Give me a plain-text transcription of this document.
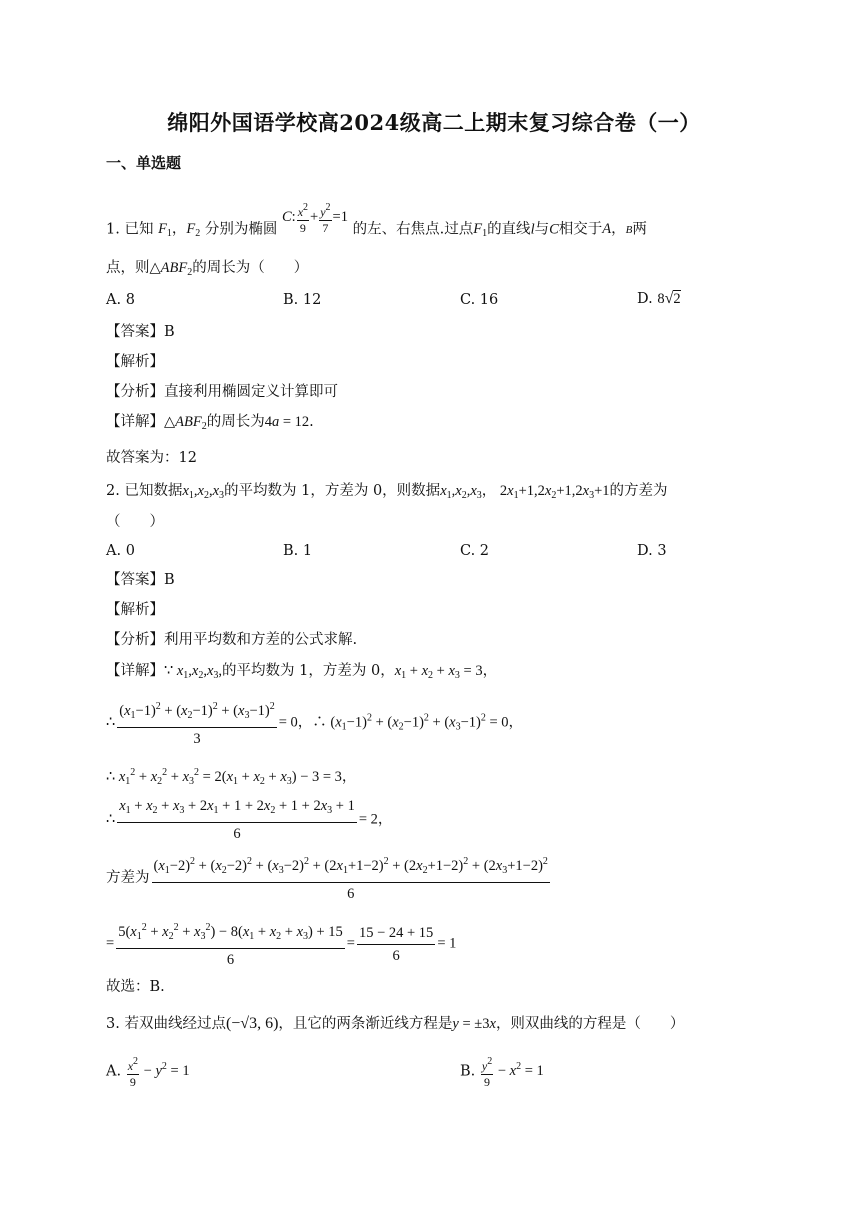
绵阳外国语学校高2024级高二上期末复习综合卷（一）
一、单选题
1. 已知 $F_1$，$F_2$ 分别为椭圆 C: $\frac{x^2}{9} + \frac{y^2}{7} =1$ 的左、右焦点.过点$F_1$的直线l与C相交于A，B两
点，则$\triangle ABF_2$的周长为（　　）
A. 8	B. 12	C. 16	D. 8√2
【答案】B
【解析】
【分析】直接利用椭圆定义计算即可
【详解】$\triangle ABF_2$的周长为4a = 12.
故答案为：12
2. 已知数据$x_1,x_2,x_3$的平均数为 1，方差为 0，则数据$x_1,x_2,x_3$， $2x_1+1,2x_2+1,2x_3+1$的方差为
（　　）
A. 0	B. 1	C. 2	D. 3
【答案】B
【解析】
【分析】利用平均数和方差的公式求解.
【详解】∵ $x_1,x_2,x_3$,的平均数为 1，方差为 0，$x_1 + x_2 + x_3 = 3$，
∴ $\frac{(x_1-1)^2 + (x_2-1)^2 + (x_3-1)^2}{3} = 0$，∴ $(x_1-1)^2 + (x_2-1)^2 + (x_3-1)^2 = 0$，
∴ $x_1^2 + x_2^2 + x_3^2 = 2(x_1 + x_2 + x_3) - 3 = 3$，
∴ $\frac{x_1 + x_2 + x_3 + 2x_1 + 1 + 2x_2 + 1 + 2x_3 + 1}{6} = 2$，
方差为
$(x_1-2)^2 + (x_2-2)^2 + (x_3-2)^2 + (2x_1+1-2)^2 + (2x_2+1-2)^2 + (2x_3+1-2)^2$
6
= $\frac{5(x_1^2 + x_2^2 + x_3^2) - 8(x_1 + x_2 + x_3) + 15}{6} = \frac{15 - 24 + 15}{6} = 1$
故选：B.
3. 若双曲线经过点(−√3, 6)，且它的两条渐近线方程是y = ±3x，则双曲线的方程是（　　）
A. $\frac{x^2}{9} - y^2 = 1$	B. $\frac{y^2}{9} - x^2 = 1$
